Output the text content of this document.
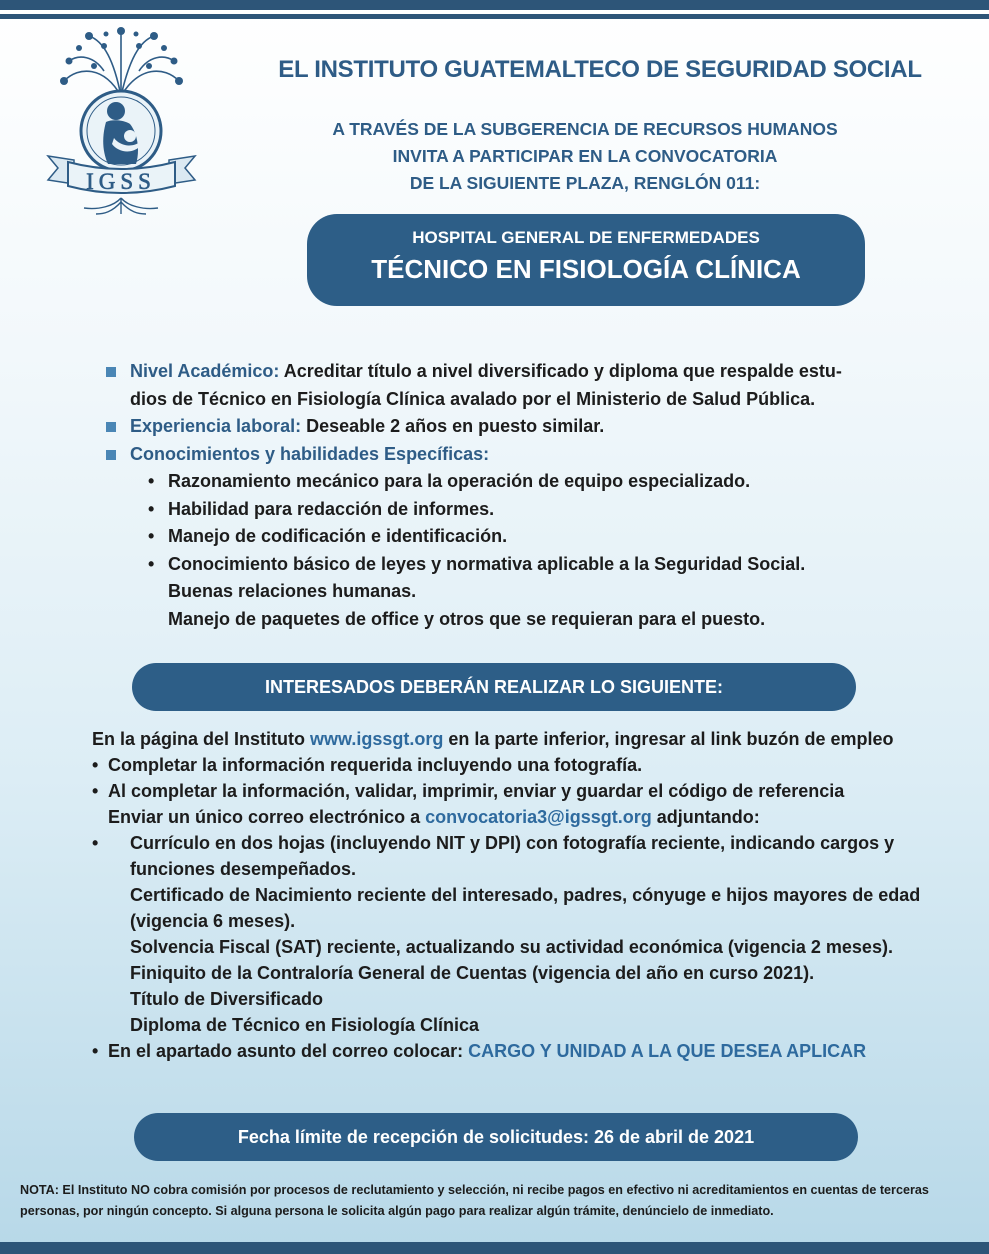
IGSS
EL INSTITUTO GUATEMALTECO DE SEGURIDAD SOCIAL
A TRAVÉS DE LA SUBGERENCIA DE RECURSOS HUMANOS
INVITA A PARTICIPAR EN LA CONVOCATORIA
DE LA SIGUIENTE PLAZA, RENGLÓN 011:
HOSPITAL GENERAL DE ENFERMEDADES
TÉCNICO EN FISIOLOGÍA CLÍNICA
Nivel Académico: Acreditar título a nivel diversificado y diploma que respalde estu-
dios de Técnico en Fisiología Clínica avalado por el Ministerio de Salud Pública.
Experiencia laboral: Deseable 2 años en puesto similar.
Conocimientos y habilidades Específicas:
• Razonamiento mecánico para la operación de equipo especializado.
• Habilidad para redacción de informes.
• Manejo de codificación e identificación.
• Conocimiento básico de leyes y normativa aplicable a la Seguridad Social.
Buenas relaciones humanas.
Manejo de paquetes de office y otros que se requieran para el puesto.
INTERESADOS DEBERÁN REALIZAR LO SIGUIENTE:
En la página del Instituto www.igssgt.org en la parte inferior, ingresar al link buzón de empleo
• Completar la información requerida incluyendo una fotografía.
• Al completar la información, validar, imprimir, enviar y guardar el código de referencia
Enviar un único correo electrónico a convocatoria3@igssgt.org adjuntando:
•	Currículo en dos hojas (incluyendo NIT y DPI) con fotografía reciente, indicando cargos y funciones desempeñados.
Certificado de Nacimiento reciente del interesado, padres, cónyuge e hijos mayores de edad (vigencia 6 meses).
Solvencia Fiscal (SAT) reciente, actualizando su actividad económica (vigencia 2 meses).
Finiquito de la Contraloría General de Cuentas (vigencia del año en curso 2021).
Título de Diversificado
Diploma de Técnico en Fisiología Clínica
• En el apartado asunto del correo colocar: CARGO Y UNIDAD A LA QUE DESEA APLICAR
Fecha límite de recepción de solicitudes: 26 de abril de 2021
NOTA: El Instituto NO cobra comisión por procesos de reclutamiento y selección, ni recibe pagos en efectivo ni acreditamientos en cuentas de terceras personas, por ningún concepto. Si alguna persona le solicita algún pago para realizar algún trámite, denúncielo de inmediato.
